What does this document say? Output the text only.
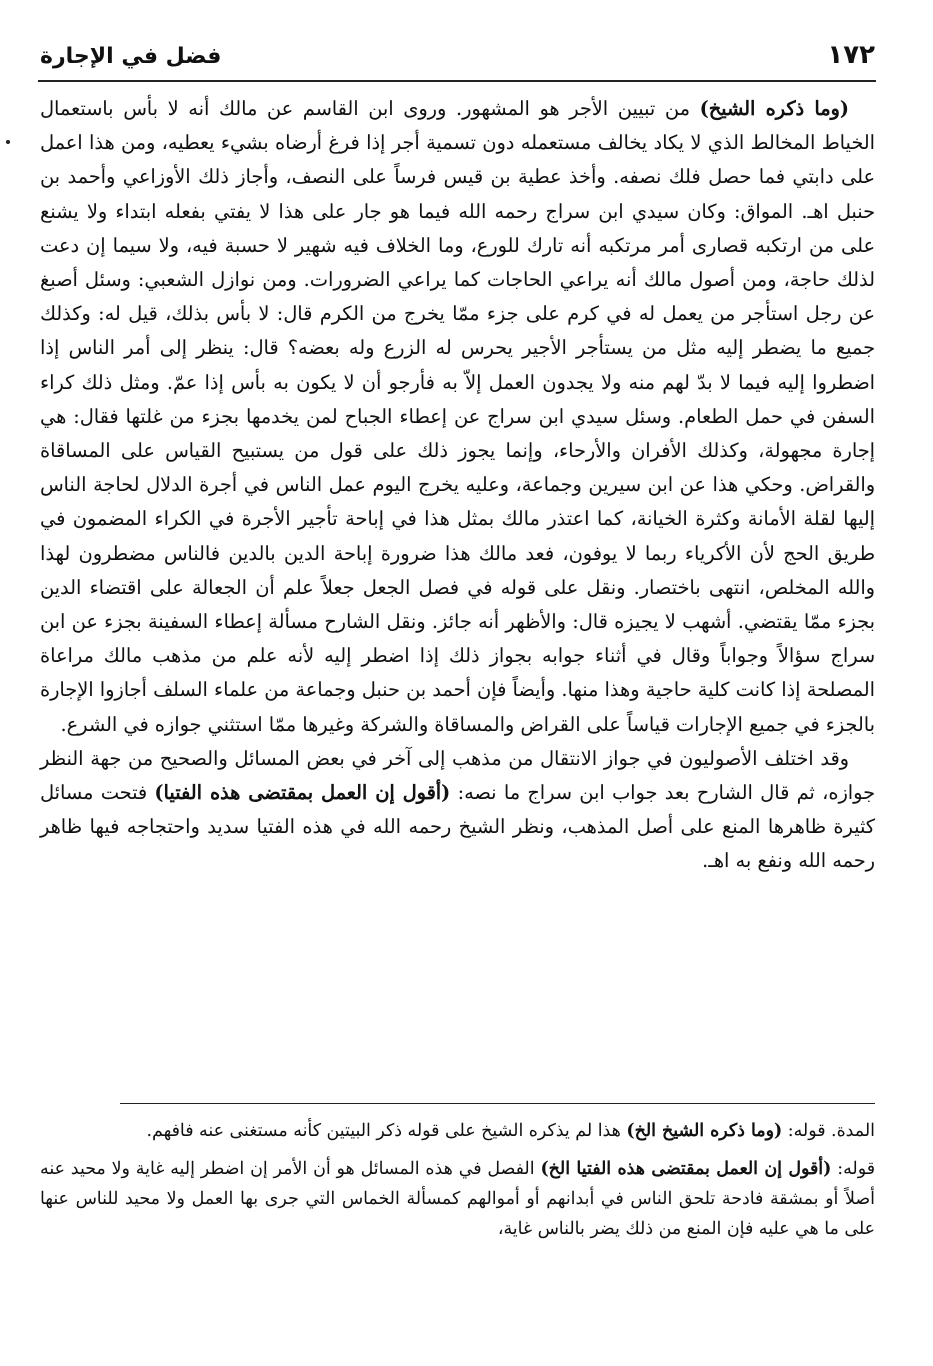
١٧٢
فضل في الإجارة

(وما ذكره الشيخ) من تبيين الأجر هو المشهور. وروى ابن القاسم عن مالك أنه لا بأس باستعمال الخياط المخالط الذي لا يكاد يخالف مستعمله دون تسمية أجر إذا فرغ أرضاه بشيء يعطيه، ومن هذا اعمل على دابتي فما حصل فلك نصفه. وأخذ عطية بن قيس فرساً على النصف، وأجاز ذلك الأوزاعي وأحمد بن حنبل اهـ. المواق: وكان سيدي ابن سراج رحمه الله فيما هو جار على هذا لا يفتي بفعله ابتداء ولا يشنع على من ارتكبه قصارى أمر مرتكبه أنه تارك للورع، وما الخلاف فيه شهير لا حسبة فيه، ولا سيما إن دعت لذلك حاجة، ومن أصول مالك أنه يراعي الحاجات كما يراعي الضرورات. ومن نوازل الشعبي: وسئل أصبغ عن رجل استأجر من يعمل له في كرم على جزء ممّا يخرج من الكرم قال: لا بأس بذلك، قيل له: وكذلك جميع ما يضطر إليه مثل من يستأجر الأجير يحرس له الزرع وله بعضه؟ قال: ينظر إلى أمر الناس إذا اضطروا إليه فيما لا بدّ لهم منه ولا يجدون العمل إلاّ به فأرجو أن لا يكون به بأس إذا عمّ. ومثل ذلك كراء السفن في حمل الطعام. وسئل سيدي ابن سراج عن إعطاء الجباح لمن يخدمها بجزء من غلتها فقال: هي إجارة مجهولة، وكذلك الأفران والأرحاء، وإنما يجوز ذلك على قول من يستبيح القياس على المساقاة والقراض. وحكي هذا عن ابن سيرين وجماعة، وعليه يخرج اليوم عمل الناس في أجرة الدلال لحاجة الناس إليها لقلة الأمانة وكثرة الخيانة، كما اعتذر مالك بمثل هذا في إباحة تأجير الأجرة في الكراء المضمون في طريق الحج لأن الأكرياء ربما لا يوفون، فعد مالك هذا ضرورة إباحة الدين بالدين فالناس مضطرون لهذا والله المخلص، انتهى باختصار. ونقل على قوله في فصل الجعل جعلاً علم أن الجعالة على اقتضاء الدين بجزء ممّا يقتضي. أشهب لا يجيزه قال: والأظهر أنه جائز. ونقل الشارح مسألة إعطاء السفينة بجزء عن ابن سراج سؤالاً وجواباً وقال في أثناء جوابه بجواز ذلك إذا اضطر إليه لأنه علم من مذهب مالك مراعاة المصلحة إذا كانت كلية حاجية وهذا منها. وأيضاً فإن أحمد بن حنبل وجماعة من علماء السلف أجازوا الإجارة بالجزء في جميع الإجارات قياساً على القراض والمساقاة والشركة وغيرها ممّا استثني جوازه في الشرع.

وقد اختلف الأصوليون في جواز الانتقال من مذهب إلى آخر في بعض المسائل والصحيح من جهة النظر جوازه، ثم قال الشارح بعد جواب ابن سراج ما نصه: (أقول إن العمل بمقتضى هذه الفتيا) فتحت مسائل كثيرة ظاهرها المنع على أصل المذهب، ونظر الشيخ رحمه الله في هذه الفتيا سديد واحتجاجه فيها ظاهر رحمه الله ونفع به اهـ.

المدة. قوله: (وما ذكره الشيخ الخ) هذا لم يذكره الشيخ على قوله ذكر البيتين كأنه مستغنى عنه فافهم.

قوله: (أقول إن العمل بمقتضى هذه الفتيا الخ) الفصل في هذه المسائل هو أن الأمر إن اضطر إليه غاية ولا محيد عنه أصلاً أو بمشقة فادحة تلحق الناس في أبدانهم أو أموالهم كمسألة الخماس التي جرى بها العمل ولا محيد للناس عنها على ما هي عليه فإن المنع من ذلك يضر بالناس غاية،
